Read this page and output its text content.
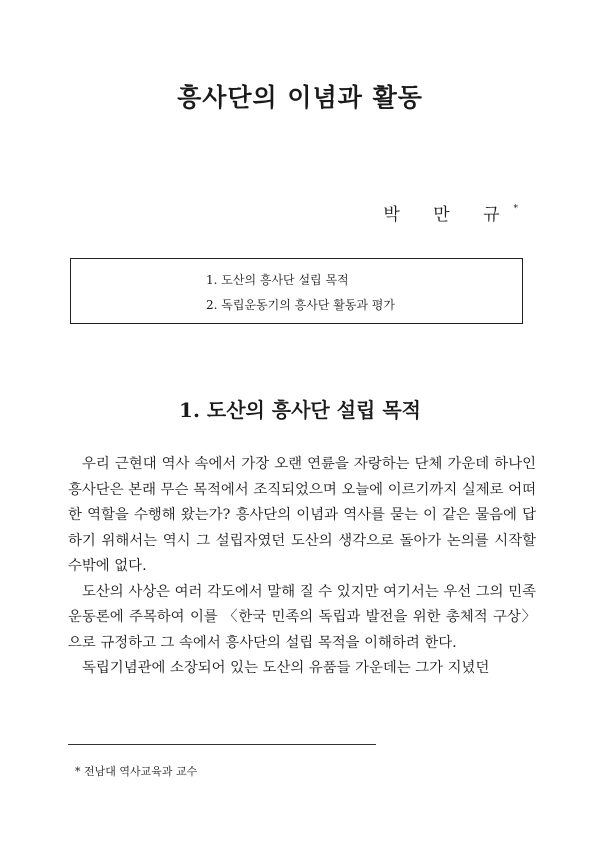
흥사단의 이념과 활동
박 만 규*
1. 도산의 흥사단 설립 목적
2. 독립운동기의 흥사단 활동과 평가
1. 도산의 흥사단 설립 목적

우리 근현대 역사 속에서 가장 오랜 연륜을 자랑하는 단체 가운데 하나인 흥사단은 본래 무슨 목적에서 조직되었으며 오늘에 이르기까지 실제로 어떠한 역할을 수행해 왔는가? 흥사단의 이념과 역사를 묻는 이 같은 물음에 답하기 위해서는 역시 그 설립자였던 도산의 생각으로 돌아가 논의를 시작할 수밖에 없다.

도산의 사상은 여러 각도에서 말해 질 수 있지만 여기서는 우선 그의 민족운동론에 주목하여 이를 〈한국 민족의 독립과 발전을 위한 총체적 구상〉으로 규정하고 그 속에서 흥사단의 설립 목적을 이해하려 한다.

독립기념관에 소장되어 있는 도산의 유품들 가운데는 그가 지녔던

* 전남대 역사교육과 교수
